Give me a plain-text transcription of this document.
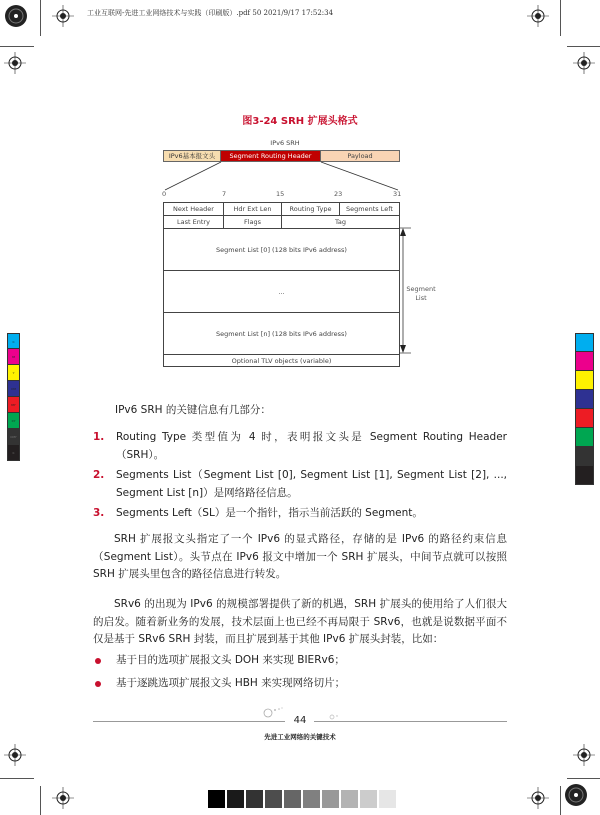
工业互联网-先进工业网络技术与实践（印刷版）.pdf 50 2021/9/17 17:52:34
图3-24 SRH 扩展头格式
IPv6 SRH
IPv6基本报文头	Segment Routing Header	Payload
0	7	15	23	31
Next Header	Hdr Ext Len	Routing Type	Segments Left
Last Entry	Flags	Tag
Segment List [0] (128 bits IPv6 address)
...
Segment List [n] (128 bits IPv6 address)
Optional TLV objects (variable)
Segment
List
IPv6 SRH 的关键信息有几部分：
1. Routing Type 类型值为 4 时，表明报文头是 Segment Routing Header（SRH）。
2. Segments List（Segment List [0], Segment List [1], Segment List [2], ..., Segment List [n]）是网络路径信息。
3. Segments Left（SL）是一个指针，指示当前活跃的 Segment。
SRH 扩展报文头指定了一个 IPv6 的显式路径，存储的是 IPv6 的路径约束信息（Segment List）。头节点在 IPv6 报文中增加一个 SRH 扩展头，中间节点就可以按照 SRH 扩展头里包含的路径信息进行转发。
SRv6 的出现为 IPv6 的规模部署提供了新的机遇，SRH 扩展头的使用给了人们很大的启发。随着新业务的发展，技术层面上也已经不再局限于 SRv6，也就是说数据平面不仅是基于 SRv6 SRH 封装，而且扩展到基于其他 IPv6 扩展头封装，比如：
基于目的选项扩展报文头 DOH 来实现 BIERv6；
基于逐跳选项扩展报文头 HBH 来实现网络切片；
44
先进工业网络的关键技术
C
M
Y
CM
MY
CY
CMY
K
